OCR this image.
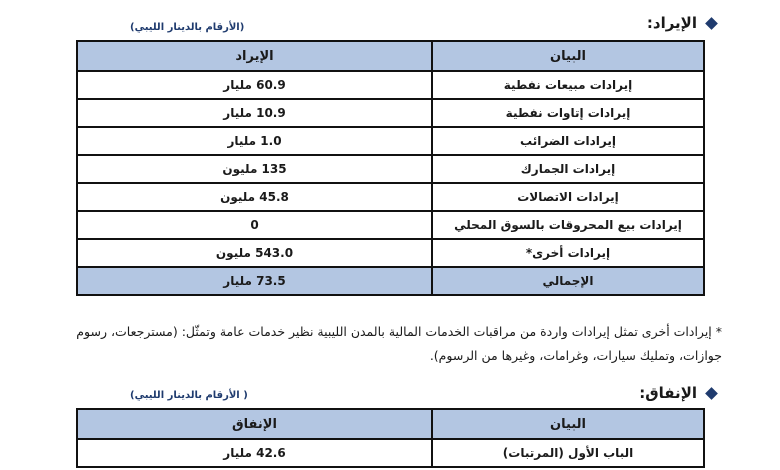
الإيراد:
(الأرقام بالدينار الليبي)
البيان	الإيراد
إيرادات مبيعات نفطية	60.9 مليار
إيرادات إتاوات نفطية	10.9 مليار
إيرادات الضرائب	1.0 مليار
إيرادات الجمارك	135 مليون
إيرادات الاتصالات	45.8 مليون
إيرادات بيع المحروقات بالسوق المحلي	0
إيرادات أخرى*	543.0 مليون
الإجمالي	73.5 مليار
* إيرادات أخرى تمثل إيرادات واردة من مراقبات الخدمات المالية بالمدن الليبية نظير خدمات عامة وتمثّل: (مسترجعات، رسوم جوازات، وتمليك سيارات، وغرامات، وغيرها من الرسوم).
الإنفاق:
( الأرقام بالدينار الليبي)
البيان	الإنفاق
الباب الأول (المرتبات)	42.6 مليار
